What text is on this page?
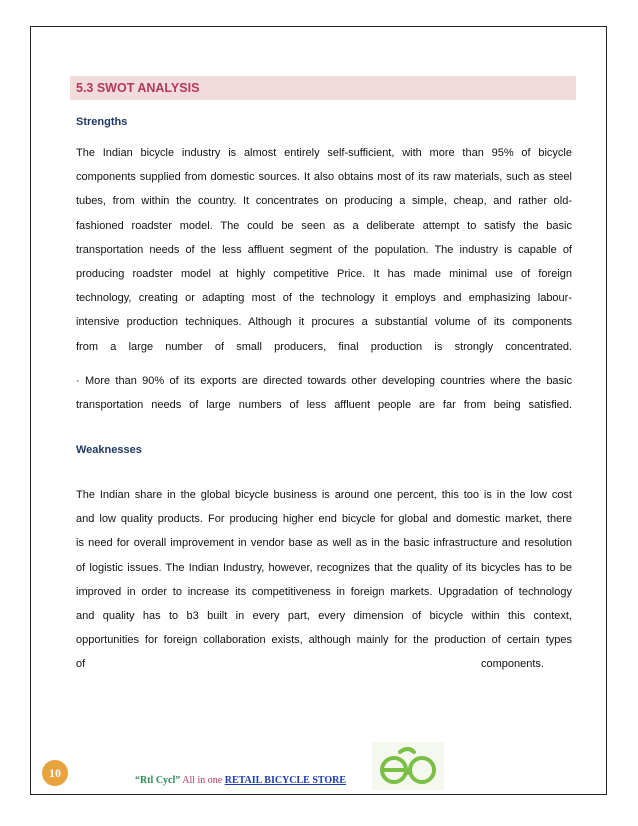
5.3 SWOT ANALYSIS
Strengths
The Indian bicycle industry is almost entirely self-sufficient, with more than 95% of bicycle
components supplied from domestic sources. It also obtains most of its raw materials, such as steel
tubes, from within the country. It concentrates on producing a simple, cheap, and rather old-
fashioned roadster model. The could be seen as a deliberate attempt to satisfy the basic
transportation needs of the less affluent segment of the population. The industry is capable of
producing roadster model at highly competitive Price. It has made minimal use of foreign
technology, creating or adapting most of the technology it employs and emphasizing labour-
intensive production techniques. Although it procures a substantial volume of its components
from a large number of small producers, final production is strongly concentrated.
· More than 90% of its exports are directed towards other developing countries where the basic
transportation needs of large numbers of less affluent people are far from being satisfied.
Weaknesses
The Indian share in the global bicycle business is around one percent, this too is in the low cost
and low quality products. For producing higher end bicycle for global and domestic market, there
is need for overall improvement in vendor base as well as in the basic infrastructure and resolution
of logistic issues. The Indian Industry, however, recognizes that the quality of its bicycles has to be
improved in order to increase its competitiveness in foreign markets. Upgradation of technology
and quality has to b3 built in every part, every dimension of bicycle within this context,
opportunities for foreign collaboration exists, although mainly for the production of certain types
of	components.
10
“Rtl Cycl” All in one RETAIL BICYCLE STORE
